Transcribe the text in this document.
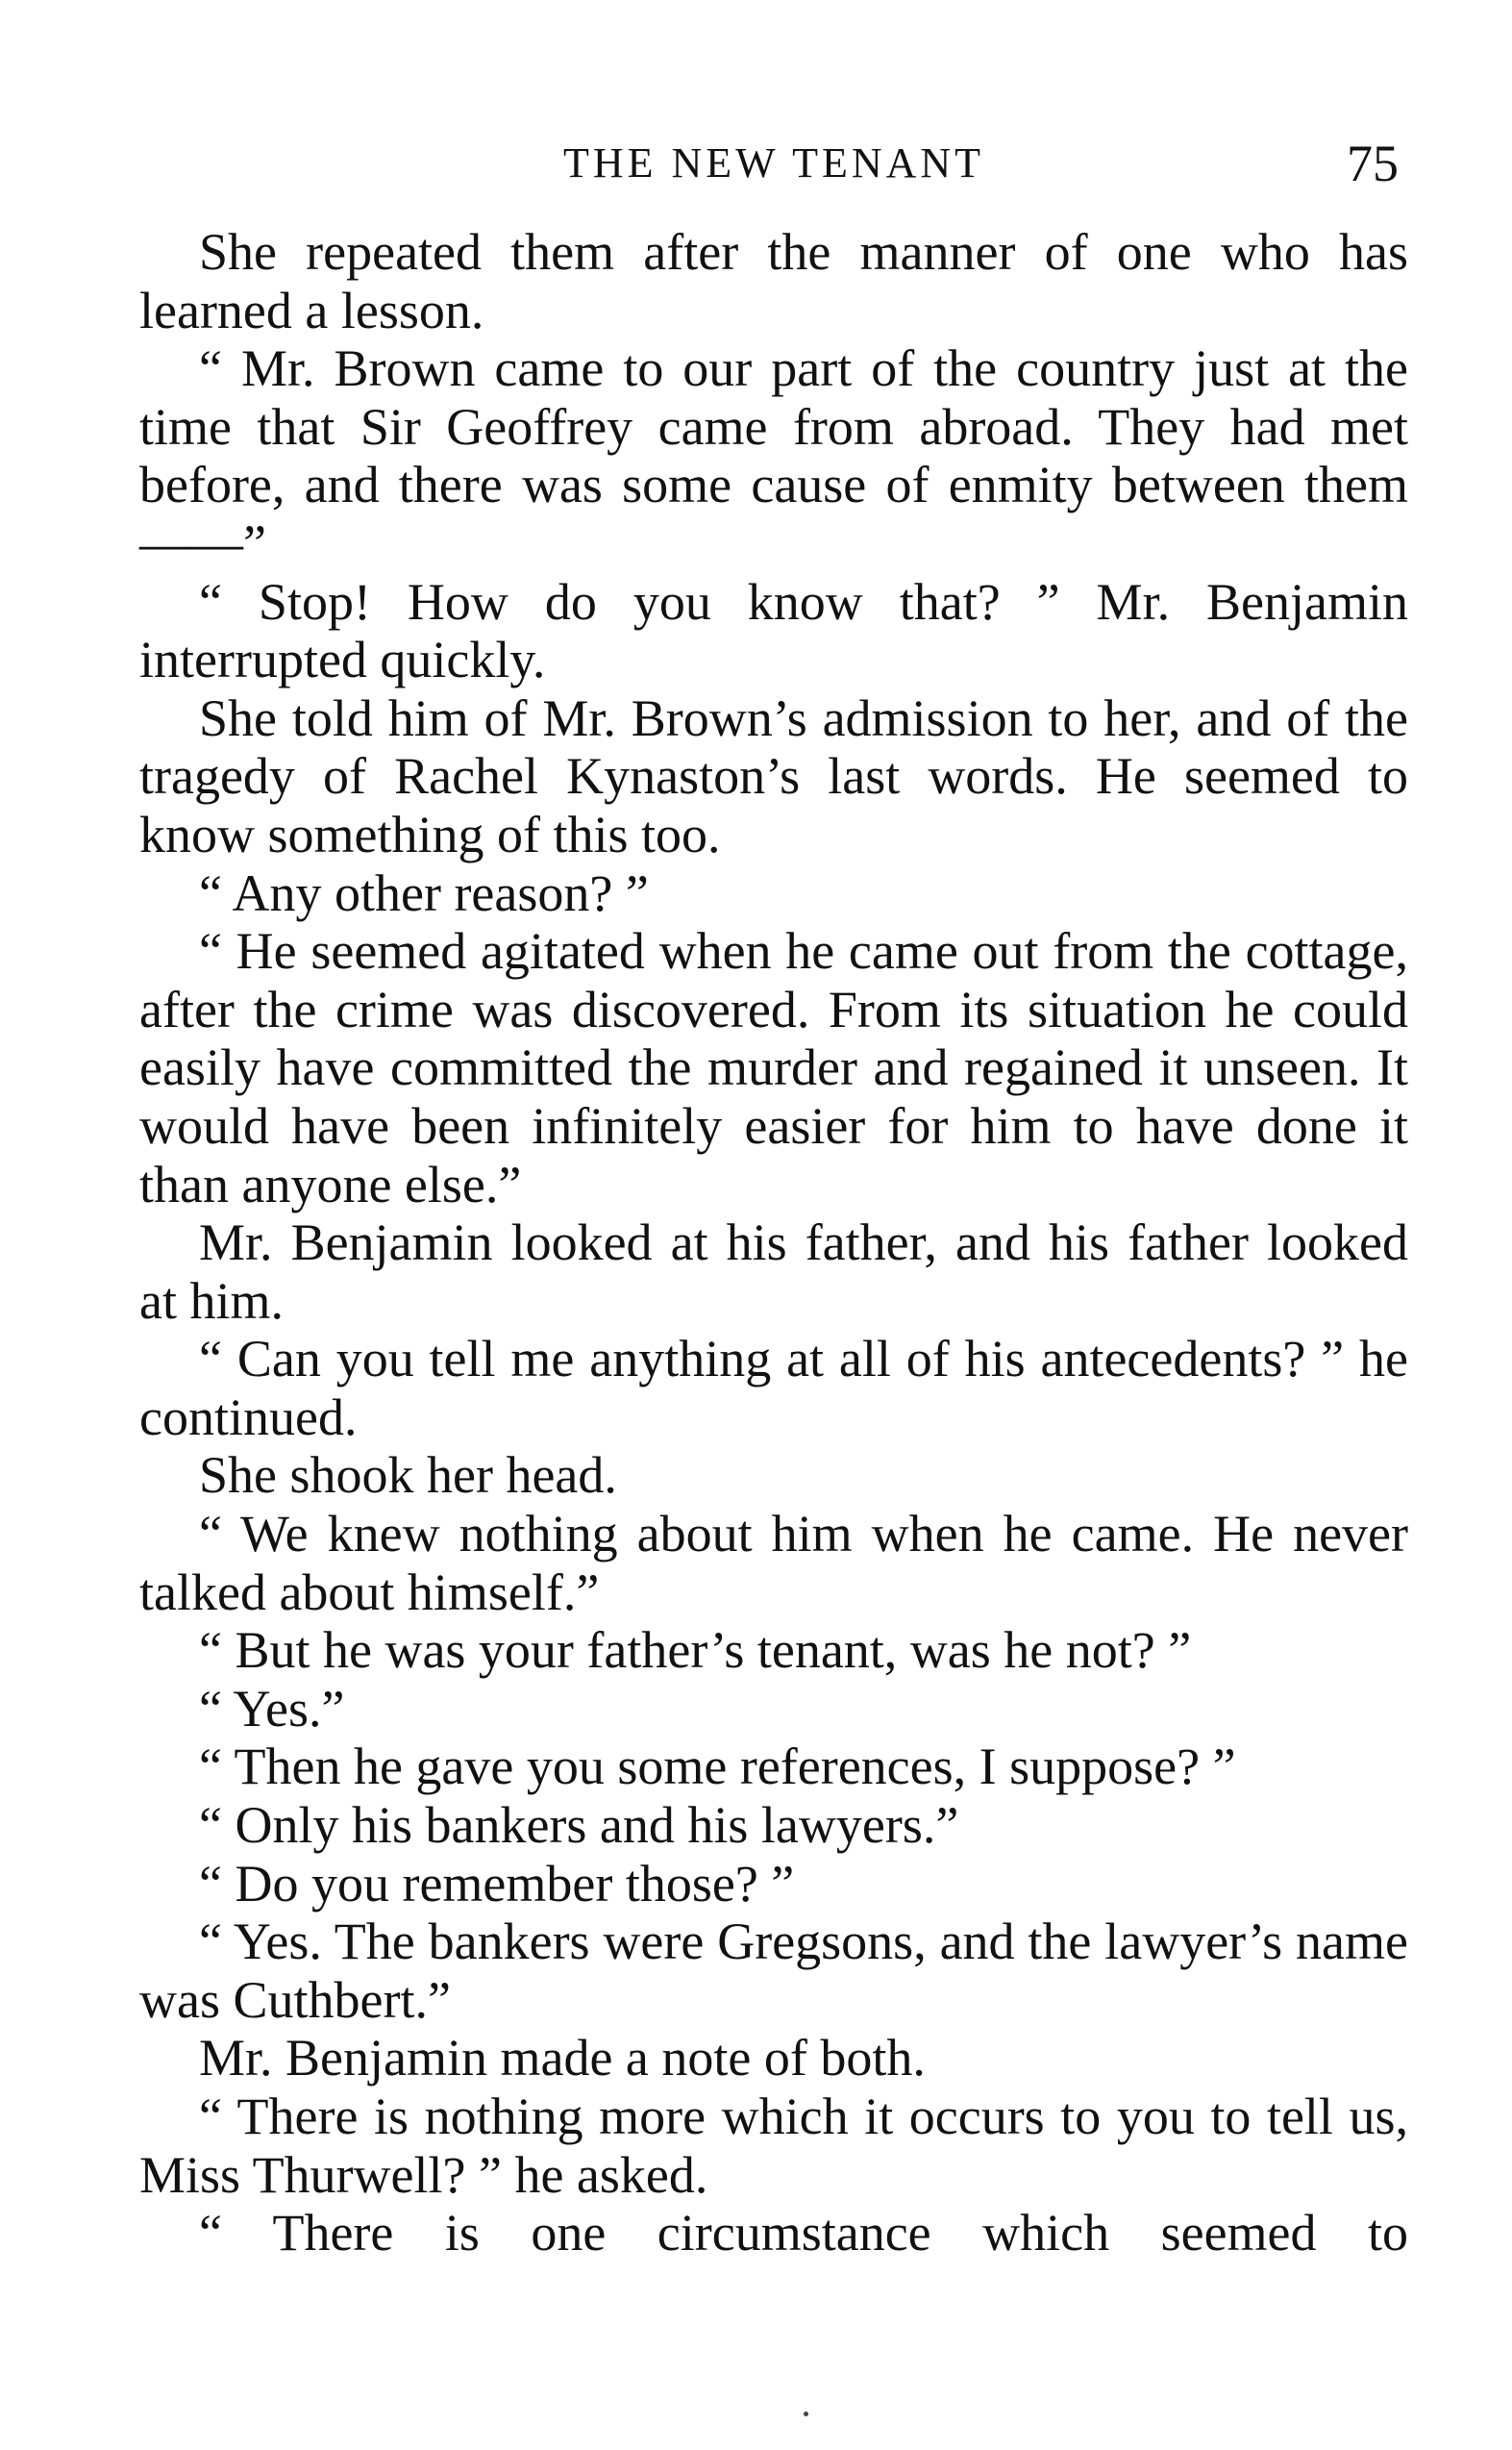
THE NEW TENANT	75

She repeated them after the manner of one who has learned a lesson.

“ Mr. Brown came to our part of the country just at the time that Sir Geoffrey came from abroad. They had met before, and there was some cause of enmity between them——”

“ Stop! How do you know that? ” Mr. Benjamin interrupted quickly.

She told him of Mr. Brown’s admission to her, and of the tragedy of Rachel Kynaston’s last words. He seemed to know something of this too.

“ Any other reason? ”

“ He seemed agitated when he came out from the cottage, after the crime was discovered. From its situation he could easily have committed the murder and regained it unseen. It would have been infinitely easier for him to have done it than anyone else.”

Mr. Benjamin looked at his father, and his father looked at him.

“ Can you tell me anything at all of his antecedents? ” he continued.

She shook her head.

“ We knew nothing about him when he came. He never talked about himself.”

“ But he was your father’s tenant, was he not? ”

“ Yes.”

“ Then he gave you some references, I suppose? ”

“ Only his bankers and his lawyers.”

“ Do you remember those? ”

“ Yes. The bankers were Gregsons, and the lawyer’s name was Cuthbert.”

Mr. Benjamin made a note of both.

“ There is nothing more which it occurs to you to tell us, Miss Thurwell? ” he asked.

“ There is one circumstance which seemed to
